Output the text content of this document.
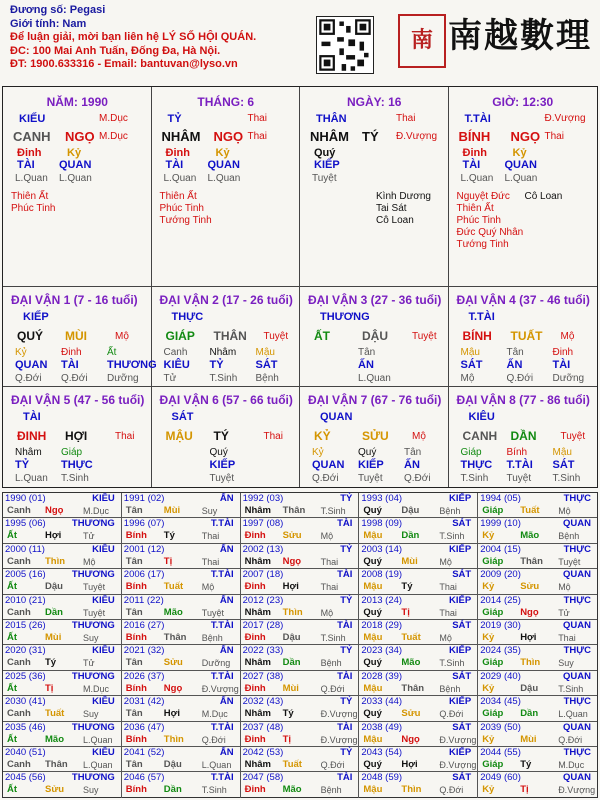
Đương số: Pegasi
Giới tính: Nam
Để luận giải, mời bạn liên hệ LÝ SỐ HỘI QUÁN.
ĐC: 100 Mai Anh Tuấn, Đống Đa, Hà Nội.
ĐT: 1900.633316 - Email: bantuvan@lyso.vn
南 南越數理
NĂM: 1990
KIẾU	M.Dục
CANH NGỌ M.Dục
Đinh Kỷ
TÀI QUAN
L.Quan L.Quan
Thiên Ất
Phúc Tinh
THÁNG: 6
TỶ	Thai
NHÂM NGỌ Thai
Đinh Kỷ
TÀI QUAN
L.Quan L.Quan
Thiên Ất
Phúc Tinh
Tướng Tinh
NGÀY: 16
THÂN	Thai
NHÂM TÝ Đ.Vượng
Quý
KIẾP
Tuyệt
Kình Dương
Tai Sát
Cô Loan
GIỜ: 12:30
T.TÀI	Đ.Vượng
BÍNH NGỌ Thai
Đinh Kỷ
TÀI QUAN
L.Quan L.Quan
Nguyệt Đức
Thiên Ất
Phúc Tinh
Đức Quý Nhân
Tướng Tinh
Cô Loan
ĐẠI VẬN 1 (7 - 16 tuổi)
KIẾP
QUÝ MÙI	Mộ
Kỷ	Đinh	Ất
QUAN TÀI	THƯƠNG
Q.Đới Q.Đới Dưỡng
ĐẠI VẬN 2 (17 - 26 tuổi)
THỰC
GIÁP THÂN Tuyệt
Canh Nhâm Mậu
KIÊU TỶ	SÁT
Tử	T.Sinh Bệnh
ĐẠI VẬN 3 (27 - 36 tuổi)
THƯƠNG
ẤT	DẬU Tuyệt
Tân
ẤN
L.Quan
ĐẠI VẬN 4 (37 - 46 tuổi)
T.TÀI
BÍNH TUẤT Mộ
Mậu	Tân	Đinh
SÁT ẤN	TÀI
Mộ	Q.Đới Dưỡng
ĐẠI VẬN 5 (47 - 56 tuổi)
TÀI
ĐINH HỢI	Thai
Nhâm Giáp
TỶ	THỰC
L.Quan T.Sinh
ĐẠI VẬN 6 (57 - 66 tuổi)
SÁT
MẬU TÝ	Thai
Quý
KIẾP
Tuyệt
ĐẠI VẬN 7 (67 - 76 tuổi)
QUAN
KỶ	SỬU Mộ
Kỷ	Quý	Tân
QUAN KIẾP ẤN
Q.Đới Tuyệt Q.Đới
ĐẠI VẬN 8 (77 - 86 tuổi)
KIÊU
CANH DẦN Tuyệt
Giáp Bính	Mậu
THỰC T.TÀI SÁT
T.Sinh Tuyệt T.Sinh
1990 (01)	KIÊU
Canh Ngọ M.Dục
1991 (02)	ẤN
Tân Mùi Suy
1992 (03)	TỶ
Nhâm Thân T.Sinh
1993 (04)	KIẾP
Quý Dậu Bệnh
1994 (05)	THỰC
Giáp Tuất Mộ
1995 (06)	THƯƠNG
Ất	Hợi Tử
1996 (07)	T.TÀI
Bính Tý	Thai
1997 (08)	TÀI
Đinh Sửu Mộ
1998 (09)	SÁT
Mậu Dần T.Sinh
1999 (10)	QUAN
Kỷ	Mão Bệnh
2000 (11)	KIÊU
Canh Thìn Mộ
2001 (12)	ẤN
Tân Tị	Thai
2002 (13)	TỶ
Nhâm Ngọ Thai
2003 (14)	KIẾP
Quý Mùi Mộ
2004 (15)	THỰC
Giáp Thân Tuyệt
2005 (16)	THƯƠNG
Ất	Dậu Tuyệt
2006 (17)	T.TÀI
Bính Tuất Mộ
2007 (18)	TÀI
Đinh Hợi Thai
2008 (19)	SÁT
Mậu Tý	Thai
2009 (20)	QUAN
Kỷ	Sửu Mộ
2010 (21)	KIÊU
Canh Dần Tuyệt
2011 (22)	ẤN
Tân Mão Tuyệt
2012 (23)	TỶ
Nhâm Thìn Mộ
2013 (24)	KIẾP
Quý Tị	Thai
2014 (25)	THỰC
Giáp Ngọ Tử
2015 (26)	THƯƠNG
Ất	Mùi Suy
2016 (27)	T.TÀI
Bính Thân Bệnh
2017 (28)	TÀI
Đinh Dậu T.Sinh
2018 (29)	SÁT
Mậu Tuất Mộ
2019 (30)	QUAN
Kỷ	Hợi Thai
2020 (31)	KIÊU
Canh Tý	Tử
2021 (32)	ẤN
Tân Sửu Dưỡng
2022 (33)	TỶ
Nhâm Dần Bệnh
2023 (34)	KIẾP
Quý Mão T.Sinh
2024 (35)	THỰC
Giáp Thìn Suy
2025 (36)	THƯƠNG
Ất	Tị	M.Dục
2026 (37)	T.TÀI
Bính Ngọ Đ.Vượng
2027 (38)	TÀI
Đinh Mùi Q.Đới
2028 (39)	SÁT
Mậu Thân Bệnh
2029 (40)	QUAN
Kỷ	Dậu T.Sinh
2030 (41)	KIÊU
Canh Tuất Suy
2031 (42)	ẤN
Tân Hợi M.Dục
2032 (43)	TỶ
Nhâm Tý	Đ.Vượng
2033 (44)	KIẾP
Quý Sửu Q.Đới
2034 (45)	THỰC
Giáp Dần L.Quan
2035 (46)	THƯƠNG
Ất	Mão L.Quan
2036 (47)	T.TÀI
Bính Thìn Q.Đới
2037 (48)	TÀI
Đinh Tị	Đ.Vượng
2038 (49)	SÁT
Mậu Ngọ Đ.Vượng
2039 (50)	QUAN
Kỷ	Mùi Q.Đới
2040 (51)	KIÊU
Canh Thân L.Quan
2041 (52)	ẤN
Tân Dậu L.Quan
2042 (53)	TỶ
Nhâm Tuất Q.Đới
2043 (54)	KIẾP
Quý Hợi Đ.Vượng
2044 (55)	THỰC
Giáp Tý	M.Dục
2045 (56)	THƯƠNG
Ất	Sửu Suy
2046 (57)	T.TÀI
Bính Dần T.Sinh
2047 (58)	TÀI
Đinh Mão Bệnh
2048 (59)	SÁT
Mậu Thìn Q.Đới
2049 (60)	QUAN
Kỷ	Tị	Đ.Vượng
